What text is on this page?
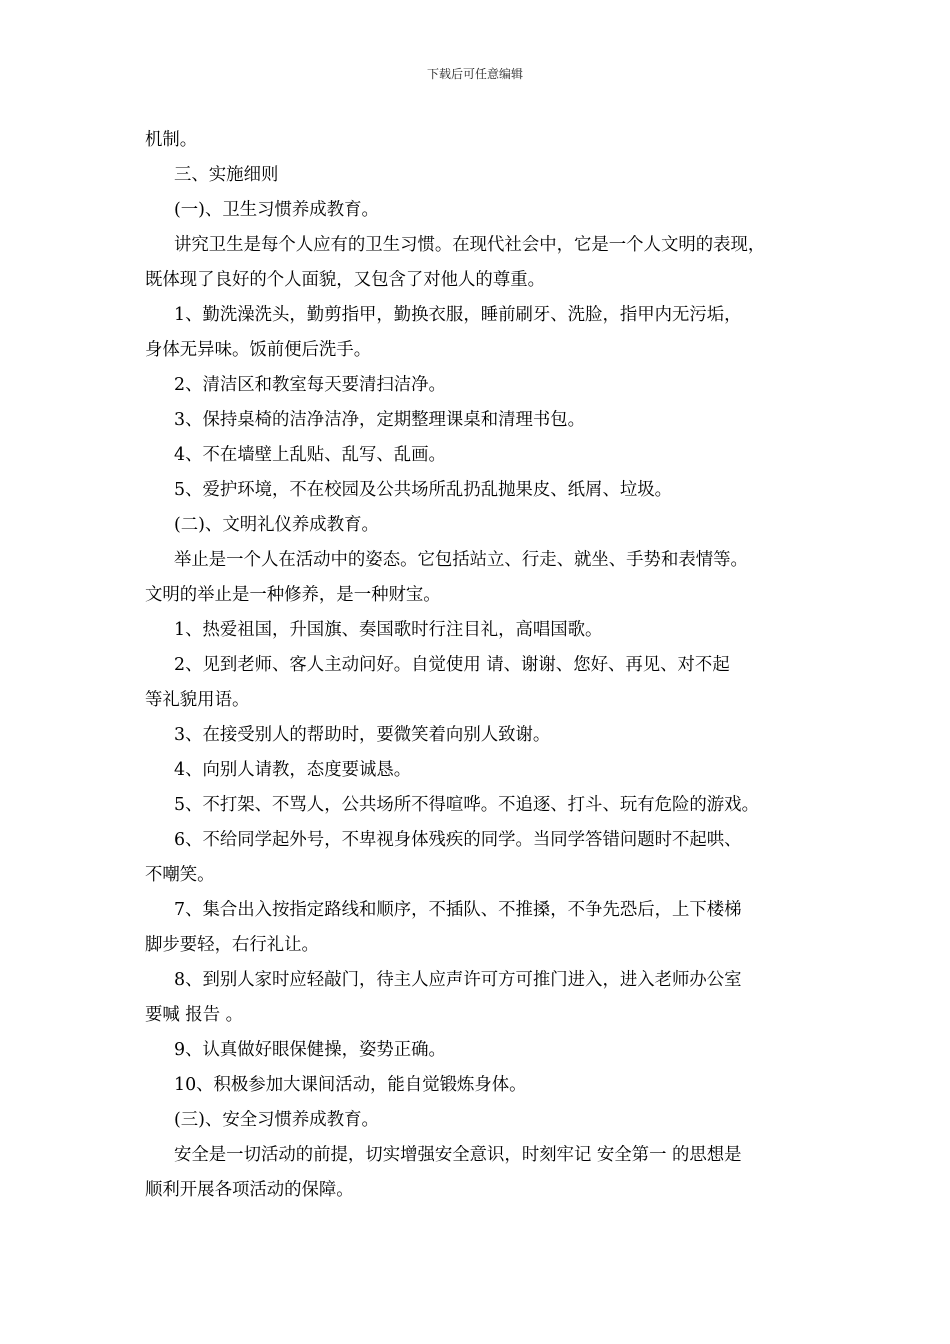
下载后可任意编辑
机制。
三、实施细则
(一)、卫生习惯养成教育。
讲究卫生是每个人应有的卫生习惯。在现代社会中，它是一个人文明的表现，
既体现了良好的个人面貌，又包含了对他人的尊重。
1、勤洗澡洗头，勤剪指甲，勤换衣服，睡前刷牙、洗脸，指甲内无污垢，
身体无异味。饭前便后洗手。
2、清洁区和教室每天要清扫洁净。
3、保持桌椅的洁净洁净，定期整理课桌和清理书包。
4、不在墙壁上乱贴、乱写、乱画。
5、爱护环境，不在校园及公共场所乱扔乱抛果皮、纸屑、垃圾。
(二)、文明礼仪养成教育。
举止是一个人在活动中的姿态。它包括站立、行走、就坐、手势和表情等。
文明的举止是一种修养，是一种财宝。
1、热爱祖国，升国旗、奏国歌时行注目礼，高唱国歌。
2、见到老师、客人主动问好。自觉使用 请、谢谢、您好、再见、对不起
等礼貌用语。
3、在接受别人的帮助时，要微笑着向别人致谢。
4、向别人请教，态度要诚恳。
5、不打架、不骂人，公共场所不得喧哗。不追逐、打斗、玩有危险的游戏。
6、不给同学起外号，不卑视身体残疾的同学。当同学答错问题时不起哄、
不嘲笑。
7、集合出入按指定路线和顺序，不插队、不推搡，不争先恐后，上下楼梯
脚步要轻，右行礼让。
8、到别人家时应轻敲门，待主人应声许可方可推门进入，进入老师办公室
要喊 报告 。
9、认真做好眼保健操，姿势正确。
10、积极参加大课间活动，能自觉锻炼身体。
(三)、安全习惯养成教育。
安全是一切活动的前提，切实增强安全意识，时刻牢记 安全第一 的思想是
顺利开展各项活动的保障。
